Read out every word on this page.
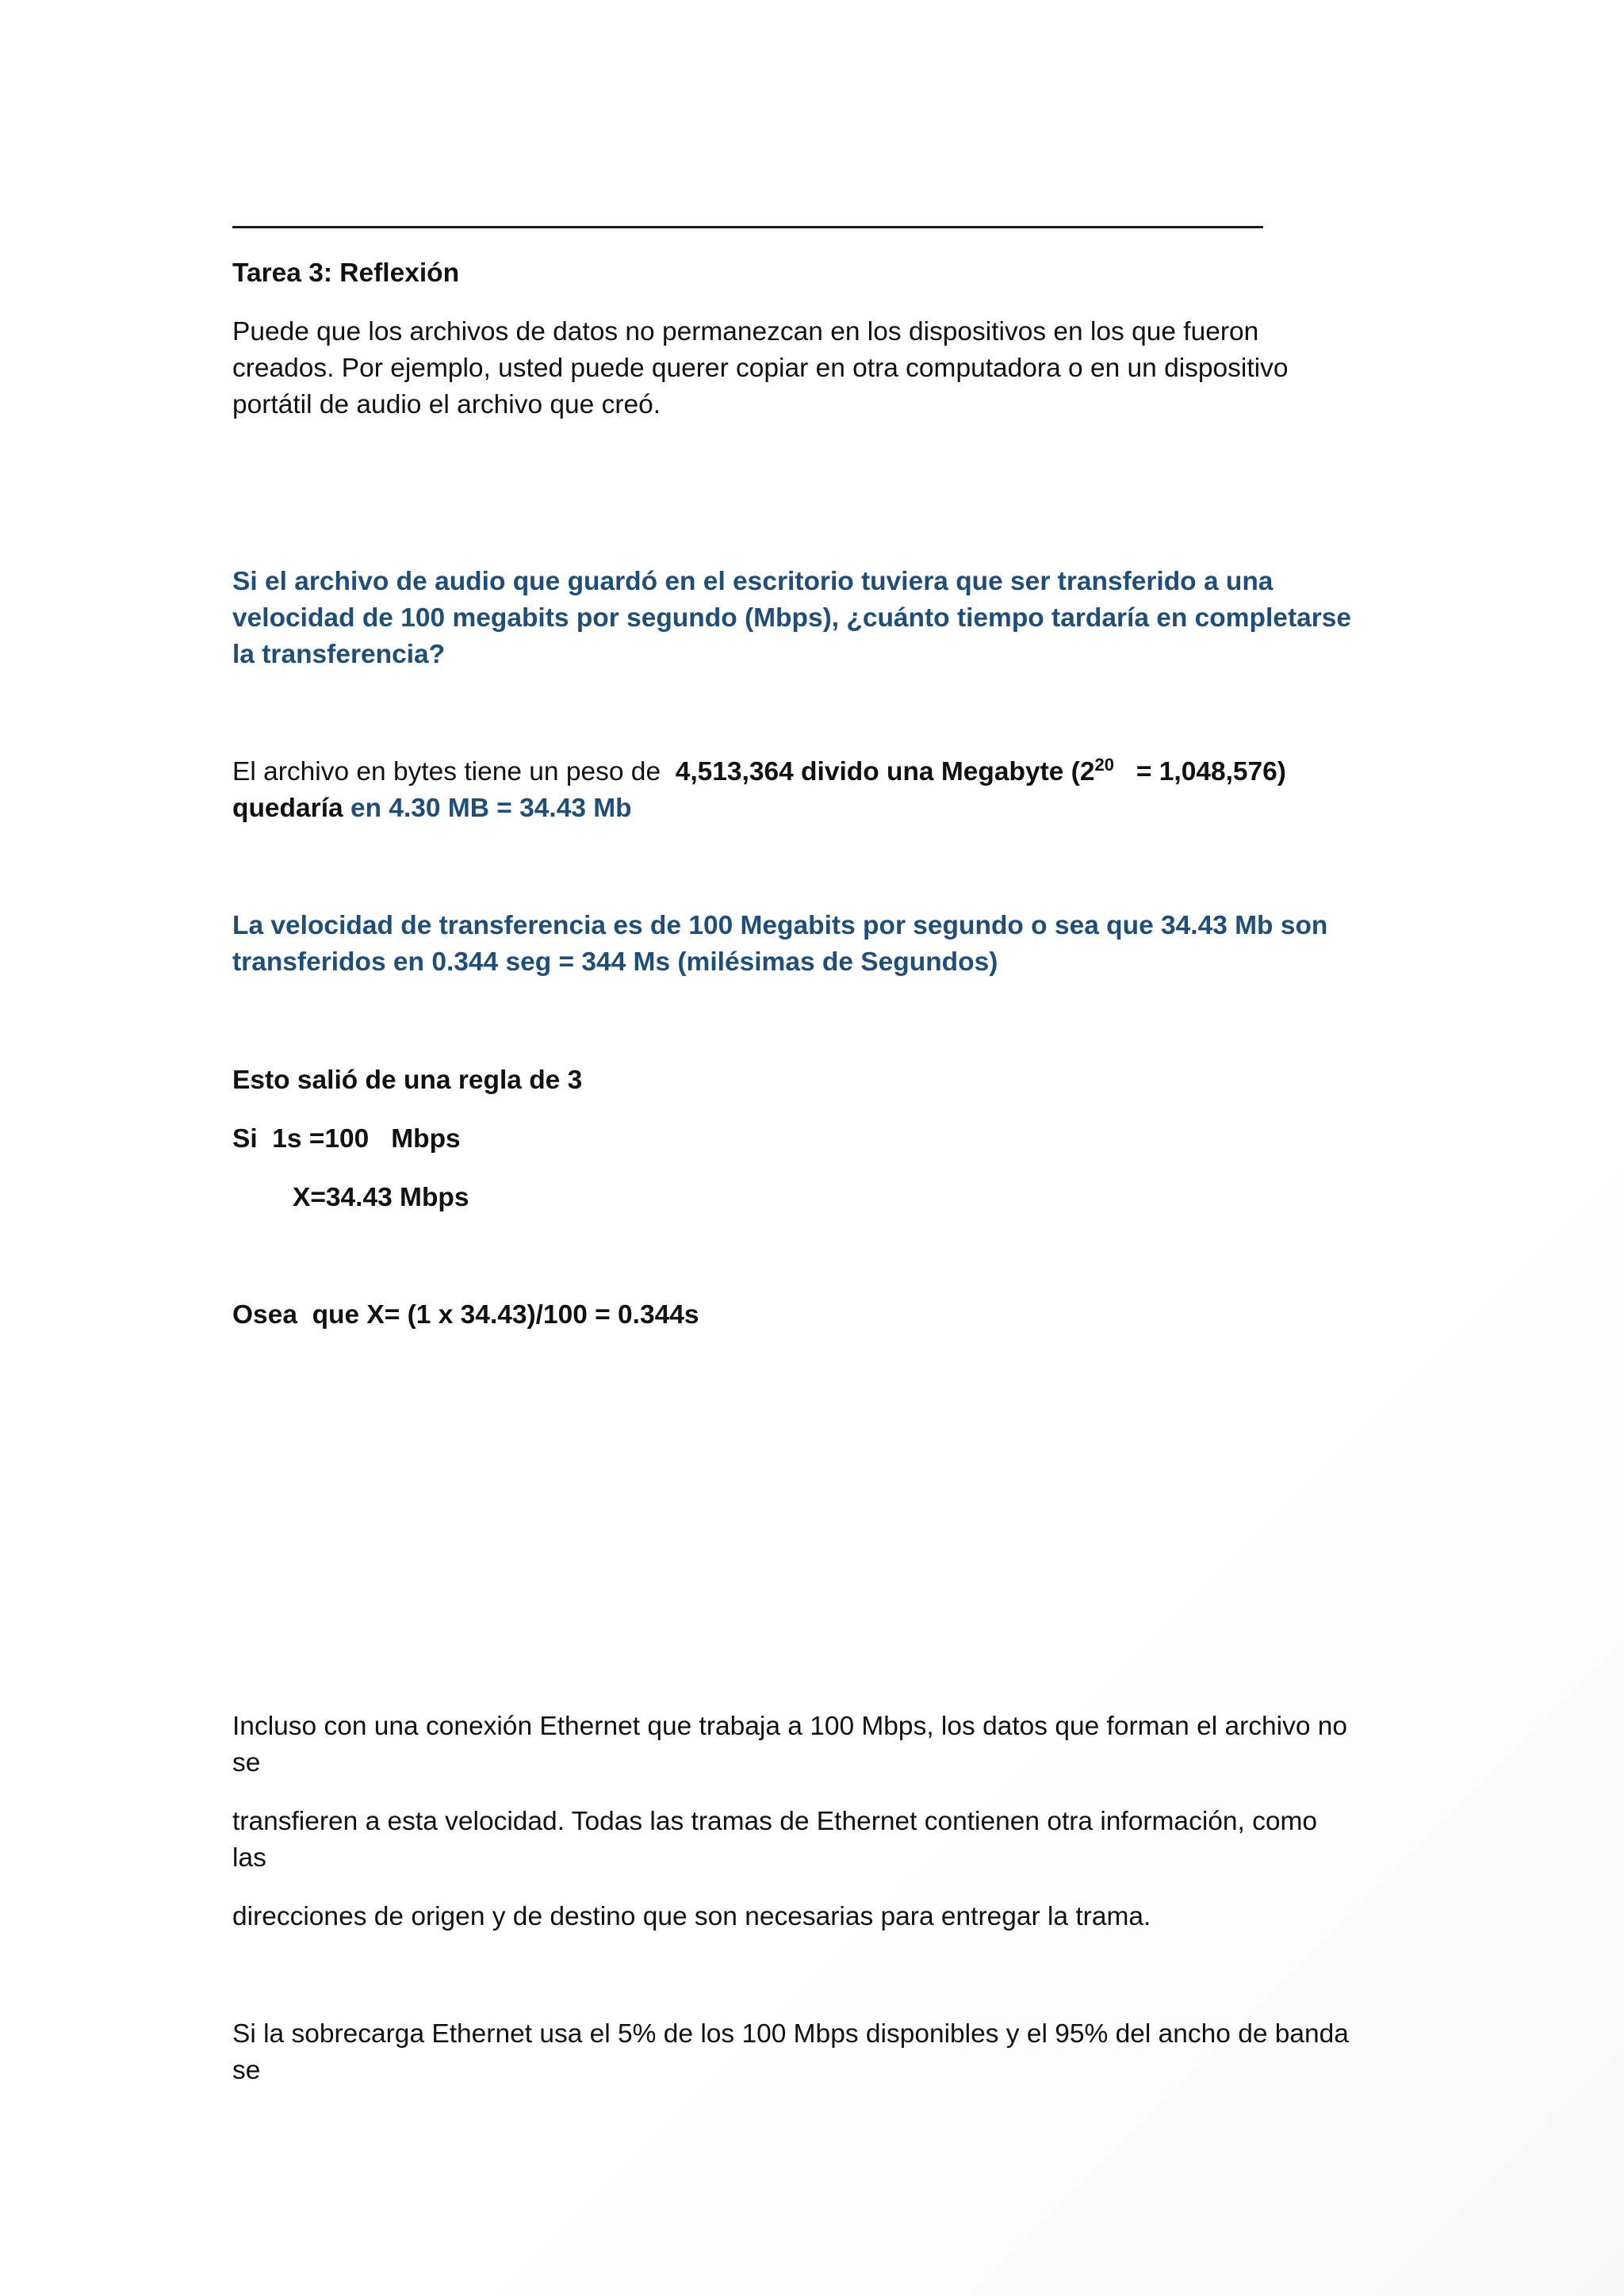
Tarea 3: Reflexión

Puede que los archivos de datos no permanezcan en los dispositivos en los que fueron

creados. Por ejemplo, usted puede querer copiar en otra computadora o en un dispositivo

portátil de audio el archivo que creó.

Si el archivo de audio que guardó en el escritorio tuviera que ser transferido a una

velocidad de 100 megabits por segundo (Mbps), ¿cuánto tiempo tardaría en completarse

la transferencia?

El archivo en bytes tiene un peso de 4,513,364 divido una Megabyte $(2^{20} = 1,048,576)$

quedaría en 4.30 MB = 34.43 Mb

La velocidad de transferencia es de 100 Megabits por segundo o sea que 34.43 Mb son

transferidos en 0.344 seg = 344 Ms (milésimas de Segundos)

Esto salió de una regla de 3

Si  1s =100   Mbps

X=34.43 Mbps

Osea  que X= (1 x 34.43)/100 = 0.344s

Incluso con una conexión Ethernet que trabaja a 100 Mbps, los datos que forman el archivo no

se

transfieren a esta velocidad. Todas las tramas de Ethernet contienen otra información, como

las

direcciones de origen y de destino que son necesarias para entregar la trama.

Si la sobrecarga Ethernet usa el 5% de los 100 Mbps disponibles y el 95% del ancho de banda

se
